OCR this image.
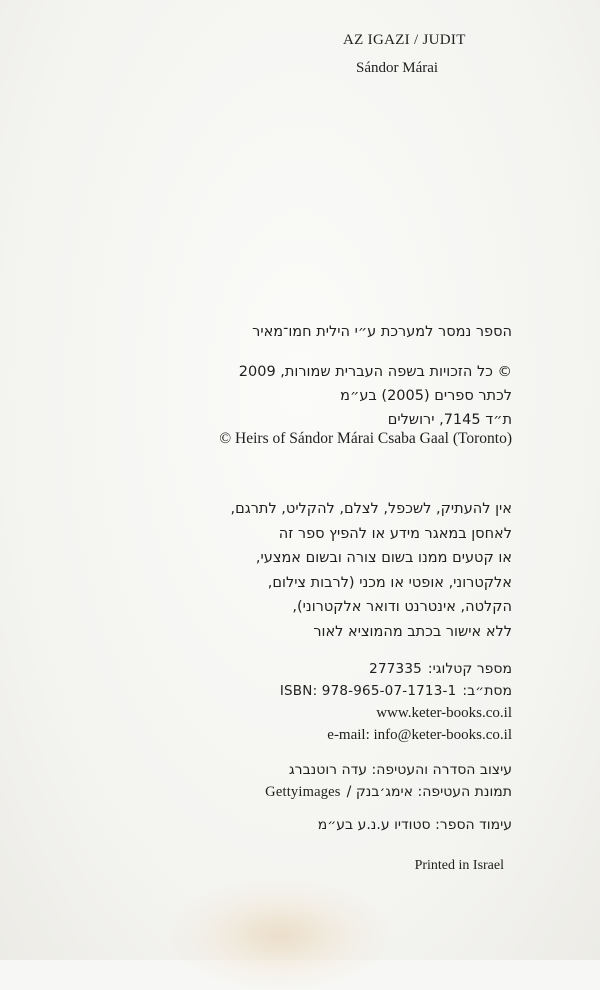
AZ IGAZI / JUDIT
Sándor Márai
הספר נמסר למערכת ע״י הילית חמו־מאיר
© כל הזכויות בשפה העברית שמורות, 2009
לכתר ספרים (2005) בע״מ
ת״ד 7145, ירושלים
© Heirs of Sándor Márai Csaba Gaal (Toronto)
אין להעתיק, לשכפל, לצלם, להקליט, לתרגם,
לאחסן במאגר מידע או להפיץ ספר זה
או קטעים ממנו בשום צורה ובשום אמצעי,
אלקטרוני, אופטי או מכני (לרבות צילום,
הקלטה, אינטרנט ודואר אלקטרוני),
ללא אישור בכתב מהמוציא לאור
277335 מספר קטלוגי:
ISBN: 978-965-07-1713-1 מסת״ב:
www.keter-books.co.il
e-mail: info@keter-books.co.il
עיצוב הסדרה והעטיפה: עדה רוטנברג
Gettyimages תמונת העטיפה: אימג׳בנק /
עימוד הספר: סטודיו ע.נ.ע בע״מ
Printed in Israel
